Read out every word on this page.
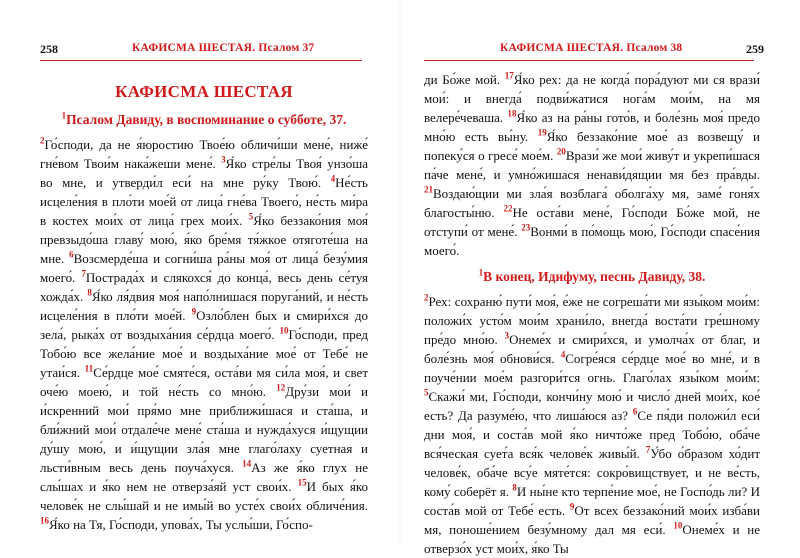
258	КАФИСМА ШЕСТАЯ. Псалом 37
КАФИСМА ШЕСТАЯ
$^1$Псалом Давиду, в воспоминание о субботе, 37.

$^2$Го́споди, да не я́юростию Твое́ю обличи́ши мене́, ниже́ гне́вом Твои́м нака́жеши мене́. $^3$Я́ко стре́лы Твоя́ унзо́ша во мне, и утверди́л еси́ на мне ру́ку Твою́. $^4$Не́сть исцеле́ния в пло́ти мое́й от лица́ гне́ва Твоего́, не́сть ми́ра в костех мои́х от лица́ грех мои́х. $^5$Я́ко беззако́ния моя́ превзыдо́ша главу́ мою́, я́ко бре́мя тя́жкое отяготе́ша на мне. $^6$Возсмерде́ша и согни́ша ра́ны моя́ от лица́ безу́мия моего́. $^7$Пострада́х и слякохся́ до конца́, весь день се́туя хожда́х. $^8$Я́ко ля́двия моя́ напо́лнишася поруга́ний, и не́сть исцеле́ния в пло́ти мое́й. $^9$Озло́блен бых и смири́хся до зела́, рыка́х от воздыха́ния се́рдца моего́. $^{10}$Го́споди, пред Тобо́ю все жела́ние мое́ и воздыха́ние мое́ от Тебе́ не утаи́ся. $^{11}$Се́рдце мое́ смяте́ся, оста́ви мя си́ла моя́, и свет оче́ю моею́, и той не́сть со мно́ю. $^{12}$Дру́зи мои́ и и́скренний мои́ пря́мо мне приближи́шася и ста́ша, и бли́жний мои́ отдале́че мене́ ста́ша и нужда́хуся и́щущии ду́шу мою́, и и́щущии зла́я мне глаго́лаху суетная и льсти́вным весь день поуча́хуся. $^{14}$Аз же я́ко глух не слы́шах и я́ко нем не отверза́яй уст свои́х. $^{15}$И бых я́ко челове́к не слы́шай и не имы́й во усте́х свои́х обличе́ния. $^{16}$Я́ко на Тя, Го́споди, упова́х, Ты услы́ши, Го́спо-

КАФИСМА ШЕСТАЯ. Псалом 38	259

ди Бо́же мой. $^{17}$Я́ко рех: да не когда́ пора́дуют ми ся врази́ мои́: и внегда́ подви́жатися нога́м мои́м, на мя велере́чеваша. $^{18}$Я́ко аз на ра́ны гото́в, и боле́знь моя́ предо мно́ю есть вы́ну. $^{19}$Я́ко беззако́ние мое́ аз возвещу́ и попеку́ся о гресе́ мое́м. $^{20}$Врази́ же мои́ живу́т и укрепи́шася па́че мене́, и умно́жишася ненави́дящии мя без пра́вды. $^{21}$Воздаю́щии ми зла́я возблага́ оболга́ху мя, заме́ гоня́х благосты́ню. $^{22}$Не оста́ви мене́, Го́споди Бо́же мой, не отступи́ от мене́. $^{23}$Вонми́ в по́мощь мою́, Го́споди спасе́ния моего́.

$^1$В конец, Идифуму, песнь Давиду, 38.

$^2$Рех: сохраню́ пути́ моя́, е́же не согреша́ти ми язы́ком мои́м: положи́х усто́м мои́м храни́ло, внегда́ воста́ти гре́шному пре́до мно́ю. $^3$Онеме́х и смири́хся, и умолча́х от благ, и боле́знь моя́ обнови́ся. $^4$Согре́яся се́рдце мое́ во мне́, и в поуче́нии мое́м разгори́тся огнь. Глаго́лах язы́ком мои́м: $^5$Скажи́ ми, Го́споди, кончи́ну мою́ и число́ дней мои́х, кое́ есть? Да разуме́ю, что лиша́юся аз? $^6$Се пя́ди положи́л еси́ дни моя́, и соста́в мой я́ко ничто́же пред Тобо́ю, оба́че вся́ческая сует́а вся́к челове́к живы́й. $^7$У́бо о́бразом хо́дит челове́к, оба́че всу́е мяте́тся: сокро́вищствует, и не ве́сть, кому́ соберёт я. $^8$И ны́не кто терпе́ние мое́, не Госпо́дь ли? И соста́в мой от Тебе́ есть. $^9$От всех беззако́ний мои́х изба́ви мя, поноше́нием безу́мному дал мя еси́. $^{10}$Онеме́х и не отверзо́х уст мои́х, я́ко Ты
